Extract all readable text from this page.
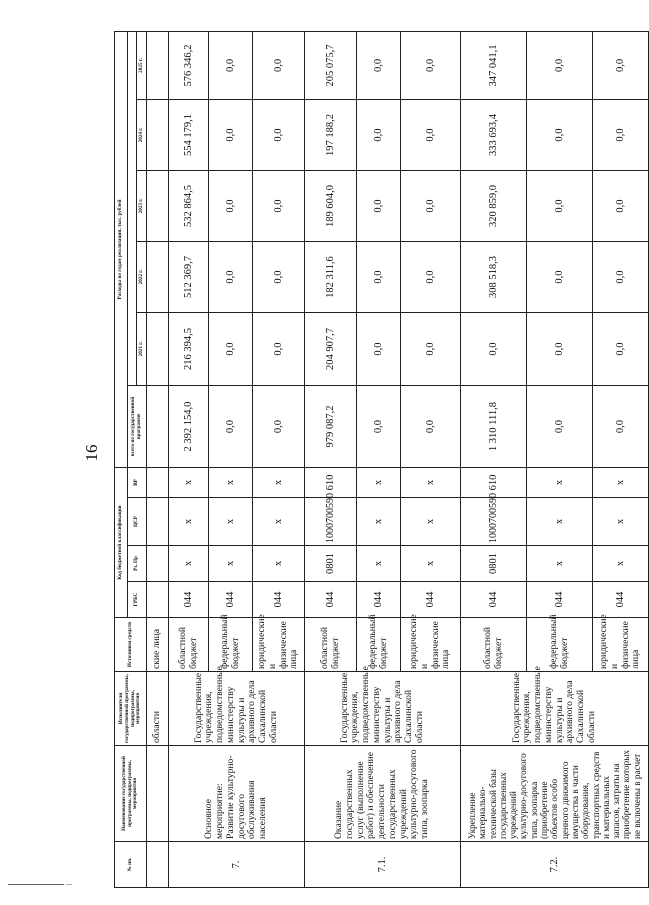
16
№ пп.	Наименование государственной программы, подпрограммы, мероприятия	Исполнители государственной программы, подпрограммы, мероприятия	Источники средств	Код бюджетной классификации				Расходы по годам реализации, тыс. рублей					
				ГРБС	Рз, Пр	ЦСР	ВР	всего по государственной программе					
									2021 г.	2022 г.	2023 г.	2024 г.	2025 г.
		области	ские лица										
7.	Основное мероприятие: Развитие культурно-досугового обслуживания населения	Государственные учреждения, подведомственные министерству культуры и архивного дела Сахалинской области	областной бюджет	044	х	х	х	2 392 154,0	216 394,5	512 369,7	532 864,5	554 179,1	576 346,2
			федеральный бюджет	044	х	х	х	0,0	0,0	0,0	0,0	0,0	0,0
			юридические и физические лица	044	х	х	х	0,0	0,0	0,0	0,0	0,0	0,0
7.1.	Оказание государственных услуг (выполнение работ) и обеспечение деятельности государственных учреждений культурно-досугового типа, зоопарка	Государственные учреждения, подведомственные министерству культуры и архивного дела Сахалинской области	областной бюджет	044	0801	1000700590	610	979 087,2	204 907,7	182 311,6	189 604,0	197 188,2	205 075,7
			федеральный бюджет	044	х	х	х	0,0	0,0	0,0	0,0	0,0	0,0
			юридические и физические лица	044	х	х	х	0,0	0,0	0,0	0,0	0,0	0,0
7.2.	Укрепление материально-технической базы государственных учреждений культурно-досугового типа, зоопарка (приобретение объектов особо ценного движимого имущества в части оборудования, транспортных средств и материальных запасов, затраты на приобретение которых не включены в расчет	Государственные учреждения, подведомственные министерству культуры и архивного дела Сахалинской области	областной бюджет	044	0801	1000700590	610	1 310 111,8	0,0	308 518,3	320 859,0	333 693,4	347 041,1
			федеральный бюджет	044	х	х	х	0,0	0,0	0,0	0,0	0,0	0,0
			юридические и физические лица	044	х	х	х	0,0	0,0	0,0	0,0	0,0	0,0
